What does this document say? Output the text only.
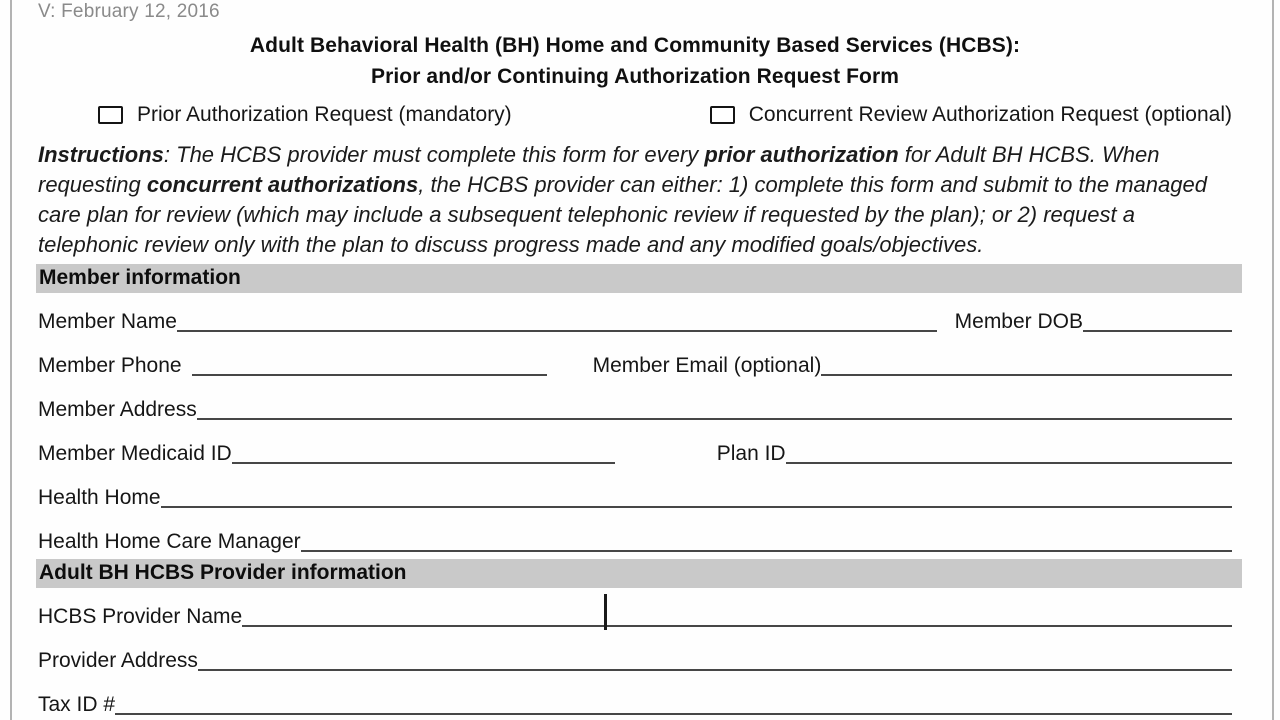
V: February 12, 2016
Adult Behavioral Health (BH) Home and Community Based Services (HCBS):
Prior and/or Continuing Authorization Request Form
Prior Authorization Request (mandatory)	Concurrent Review Authorization Request (optional)
Instructions: The HCBS provider must complete this form for every prior authorization for Adult BH HCBS. When
requesting concurrent authorizations, the HCBS provider can either: 1) complete this form and submit to the managed
care plan for review (which may include a subsequent telephonic review if requested by the plan); or 2) request a
telephonic review only with the plan to discuss progress made and any modified goals/objectives.
Member information
Member Name	Member DOB
Member Phone	Member Email (optional)
Member Address
Member Medicaid ID	Plan ID
Health Home
Health Home Care Manager
Adult BH HCBS Provider information
HCBS Provider Name
Provider Address
Tax ID #
